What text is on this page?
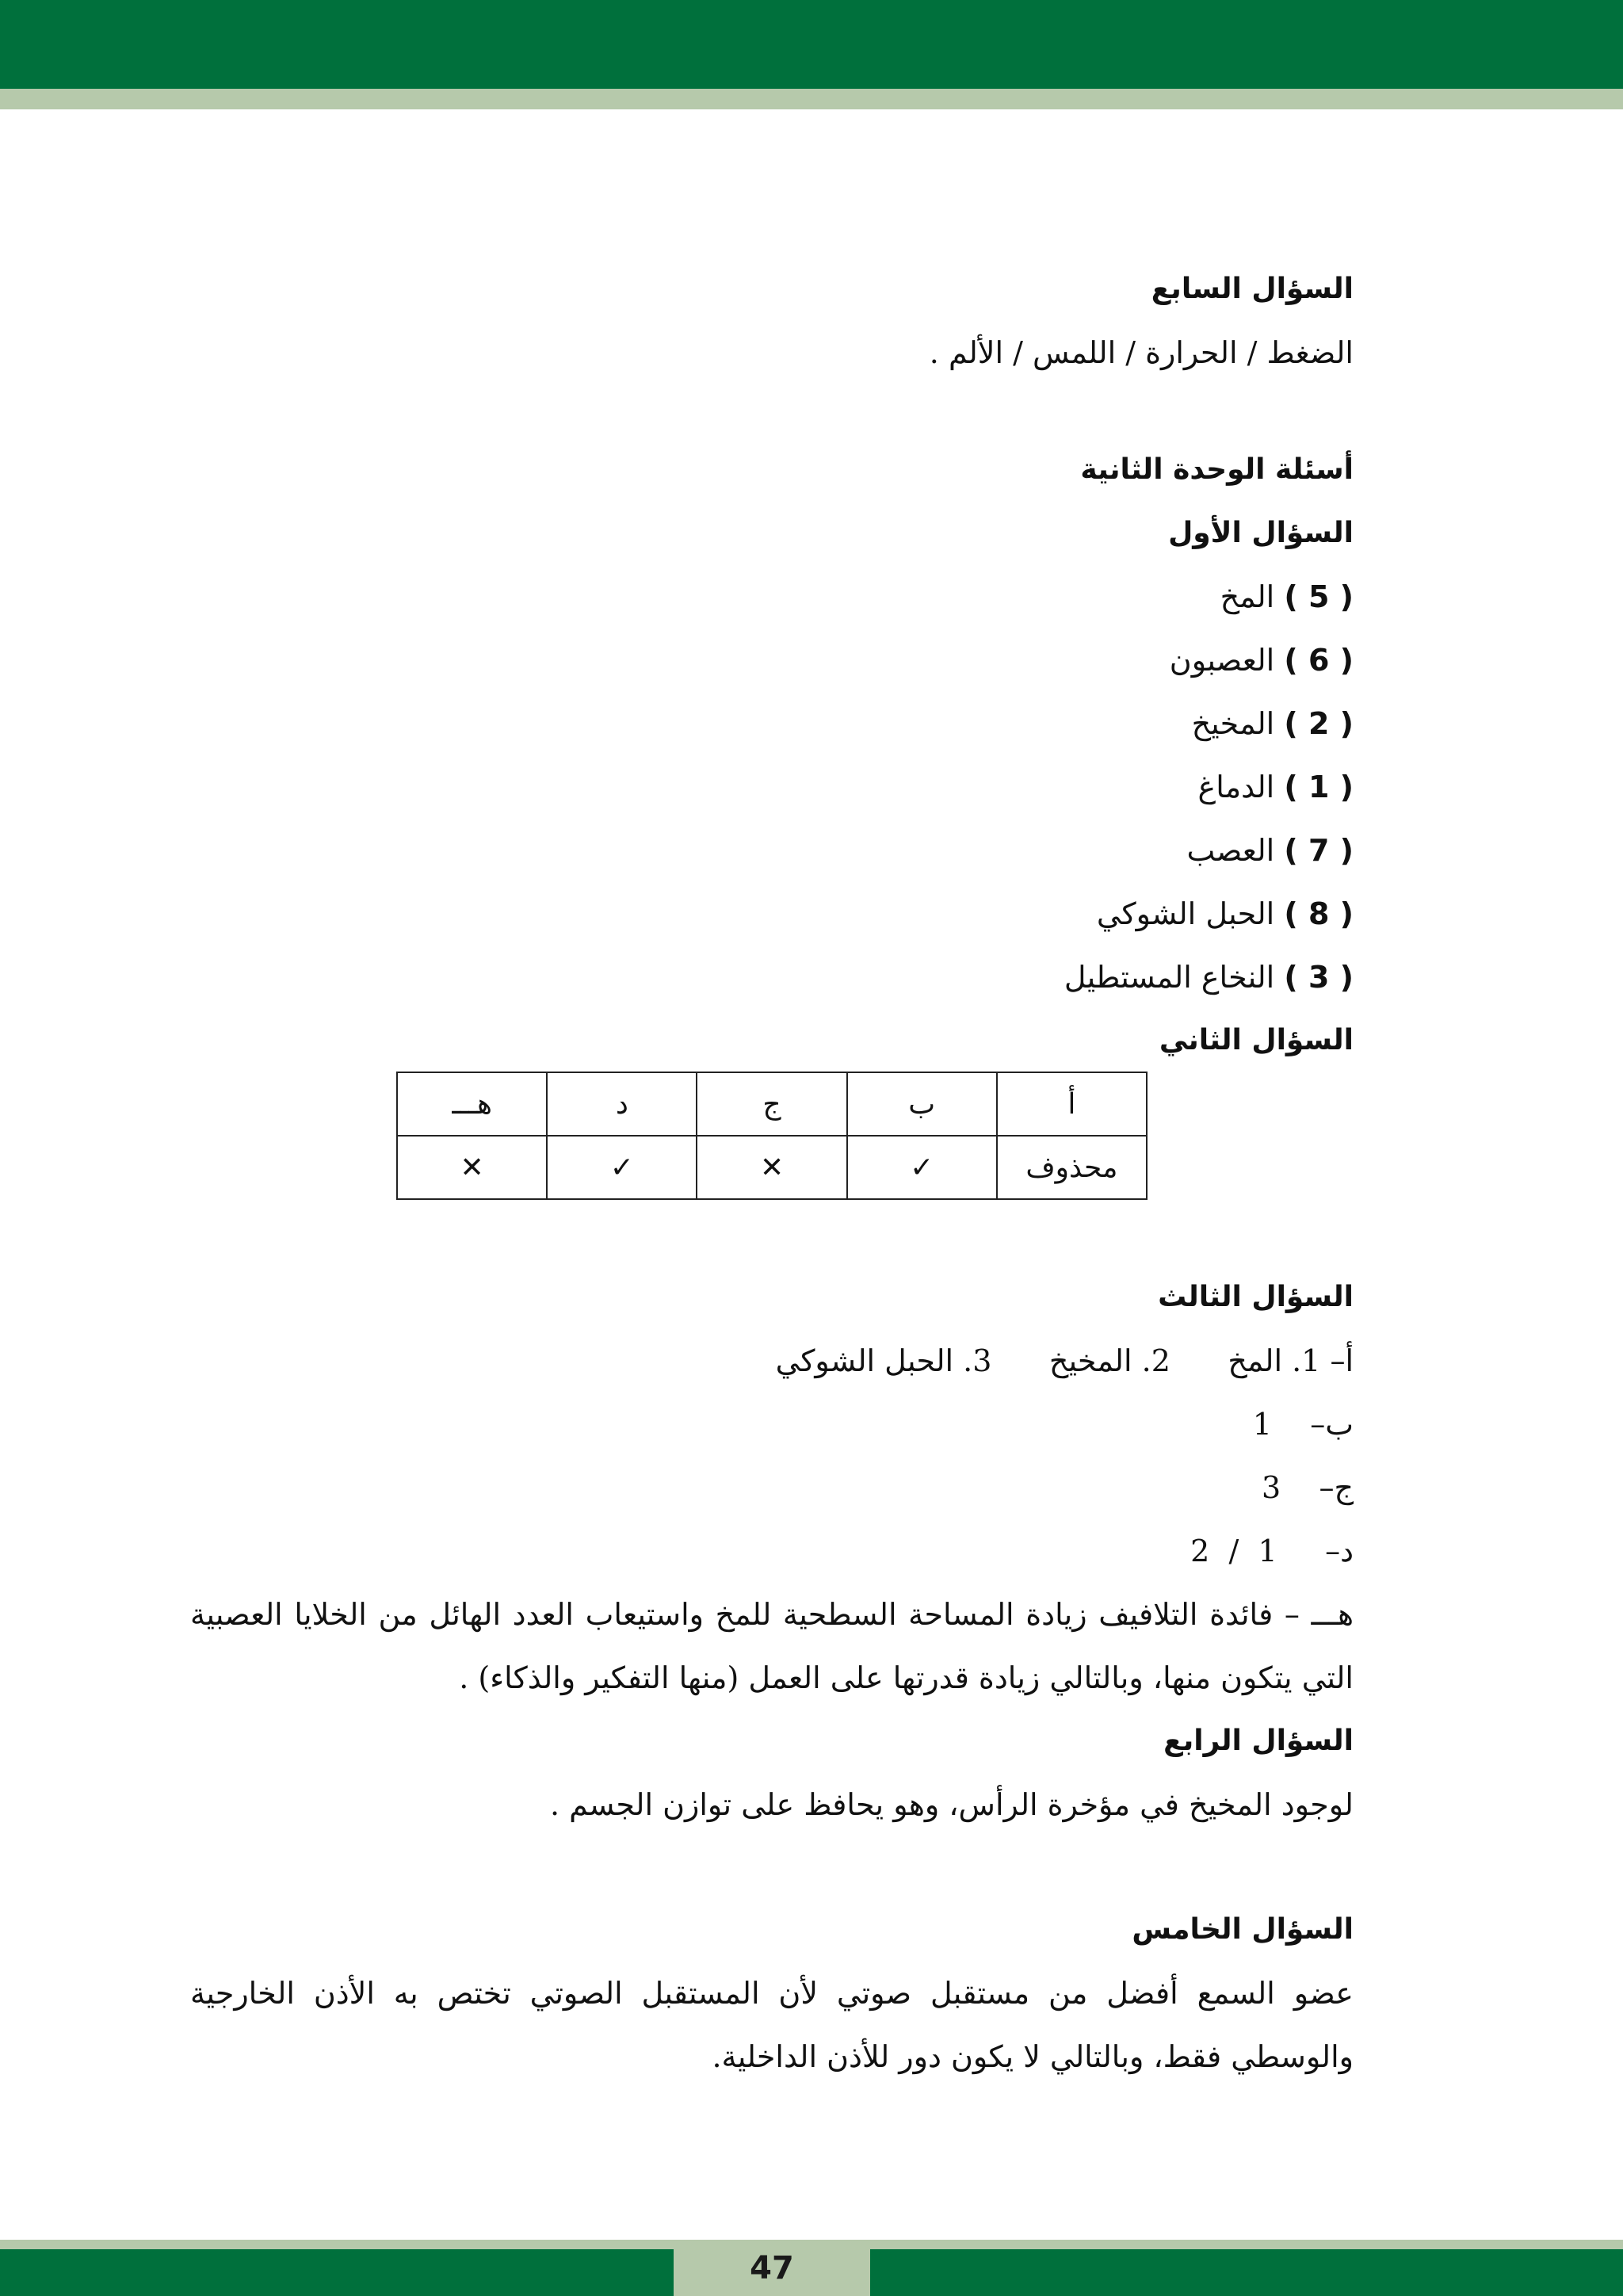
السؤال السابع
الضغط / الحرارة / اللمس / الألم .
أسئلة الوحدة الثانية
السؤال الأول
( 5 ) المخ
( 6 ) العصبون
( 2 ) المخيخ
( 1 ) الدماغ
( 7 ) العصب
( 8 ) الحبل الشوكي
( 3 ) النخاع المستطيل
السؤال الثاني
السؤال الثالث
أ– 1. المخ      2. المخيخ      3. الحبل الشوكي
ب–    1
ج–    3
د–     1  /  2
هـــ – فائدة التلافيف زيادة المساحة السطحية للمخ واستيعاب العدد الهائل من الخلايا العصبية
التي يتكون منها، وبالتالي زيادة قدرتها على العمل (منها التفكير والذكاء) .
السؤال الرابع
لوجود المخيخ في مؤخرة الرأس، وهو يحافظ على توازن الجسم .
السؤال الخامس
عضو السمع أفضل من مستقبل صوتي لأن المستقبل الصوتي تختص به الأذن الخارجية
والوسطي فقط، وبالتالي لا يكون دور للأذن الداخلية.
أ	ب	ج	د	هـــ
محذوف	✓	✕	✓	✕
47
